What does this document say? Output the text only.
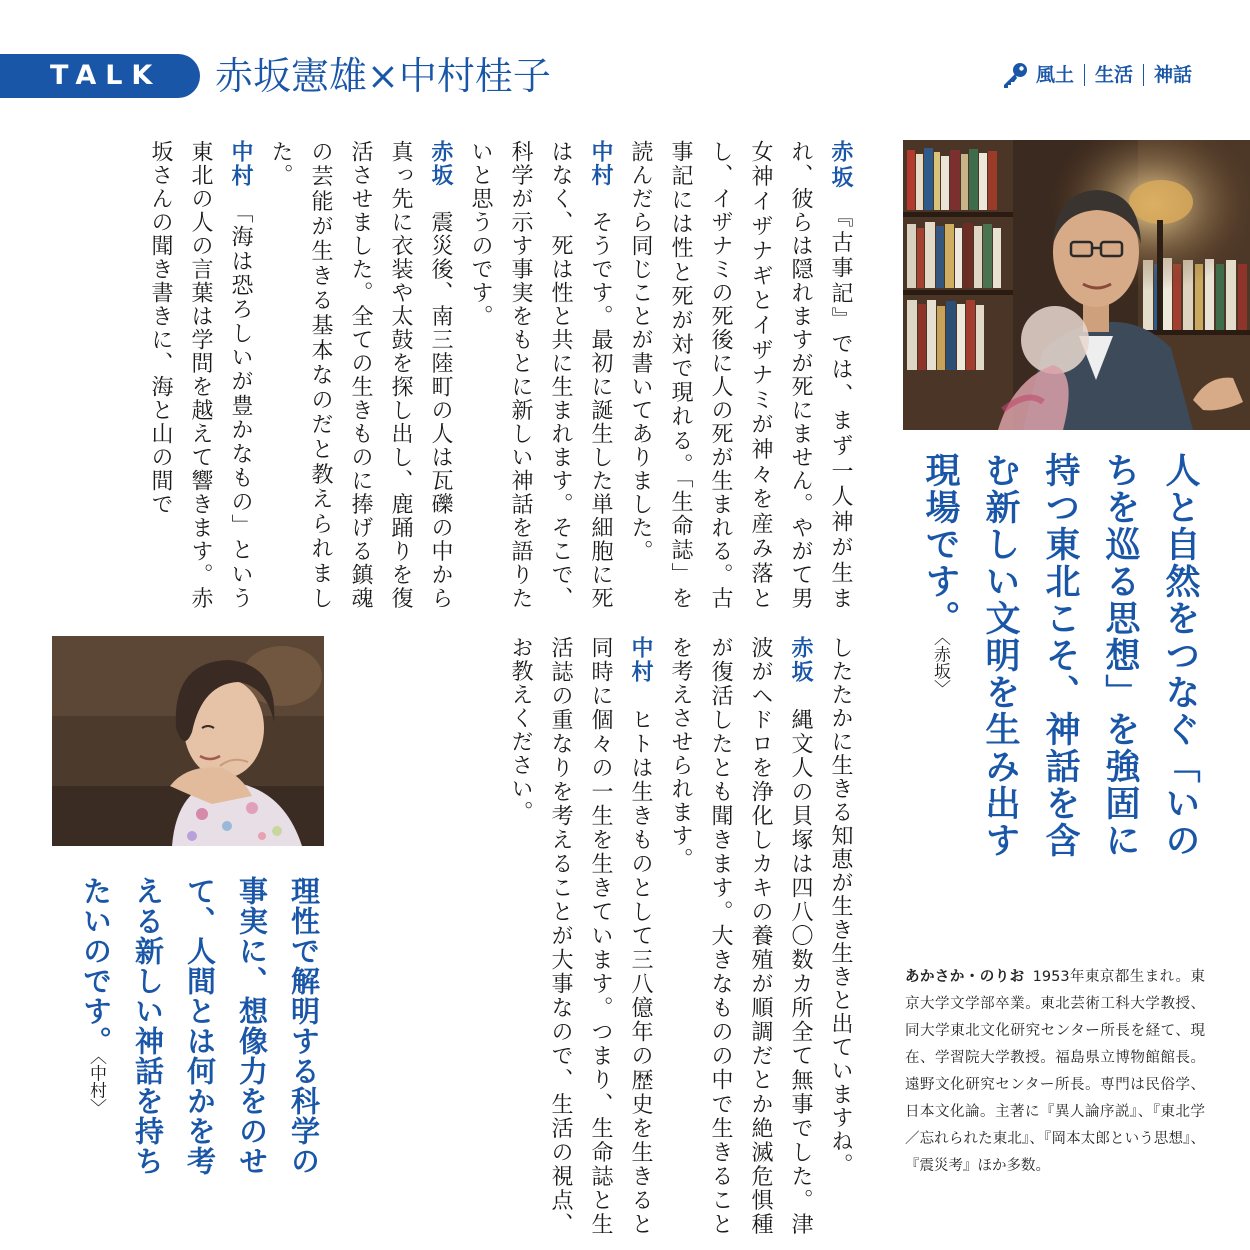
TALK	赤坂憲雄×中村桂子	風土	生活	神話
赤坂　『古事記』では、まず一人神が生まれ、彼らは隠れますが死にません。やがて男女神イザナギとイザナミが神々を産み落とし、イザナミの死後に人の死が生まれる。古事記には性と死が対で現れる。「生命誌」を読んだら同じことが書いてありました。
中村　そうです。最初に誕生した単細胞に死はなく、死は性と共に生まれます。そこで、科学が示す事実をもとに新しい神話を語りたいと思うのです。
赤坂　震災後、南三陸町の人は瓦礫の中から真っ先に衣装や太鼓を探し出し、鹿踊りを復活させました。全ての生きものに捧げる鎮魂の芸能が生きる基本なのだと教えられました。
中村　「海は恐ろしいが豊かなもの」という東北の人の言葉は学問を越えて響きます。赤坂さんの聞き書きに、海と山の間で
したたかに生きる知恵が生き生きと出ていますね。
赤坂　縄文人の貝塚は四八〇数カ所全て無事でした。津波がヘドロを浄化しカキの養殖が順調だとか絶滅危惧種が復活したとも聞きます。大きなものの中で生きることを考えさせられます。
中村　ヒトは生きものとして三八億年の歴史を生きると同時に個々の一生を生きています。つまり、生命誌と生活誌の重なりを考えることが大事なので、生活の視点、お教えください。	人と自然をつなぐ「いのちを巡る思想」を強固に持つ東北こそ、神話を含む新しい文明を生み出す現場です。〈赤坂〉
理性で解明する科学の事実に、想像力をのせて、人間とは何かを考える新しい神話を持ちたいのです。〈中村〉
あかさか・のりお 1953年東京都生まれ。東京大学文学部卒業。東北芸術工科大学教授、同大学東北文化研究センター所長を経て、現在、学習院大学教授。福島県立博物館館長。遠野文化研究センター所長。専門は民俗学、日本文化論。主著に『異人論序説』、『東北学／忘れられた東北』、『岡本太郎という思想』、『震災考』ほか多数。
